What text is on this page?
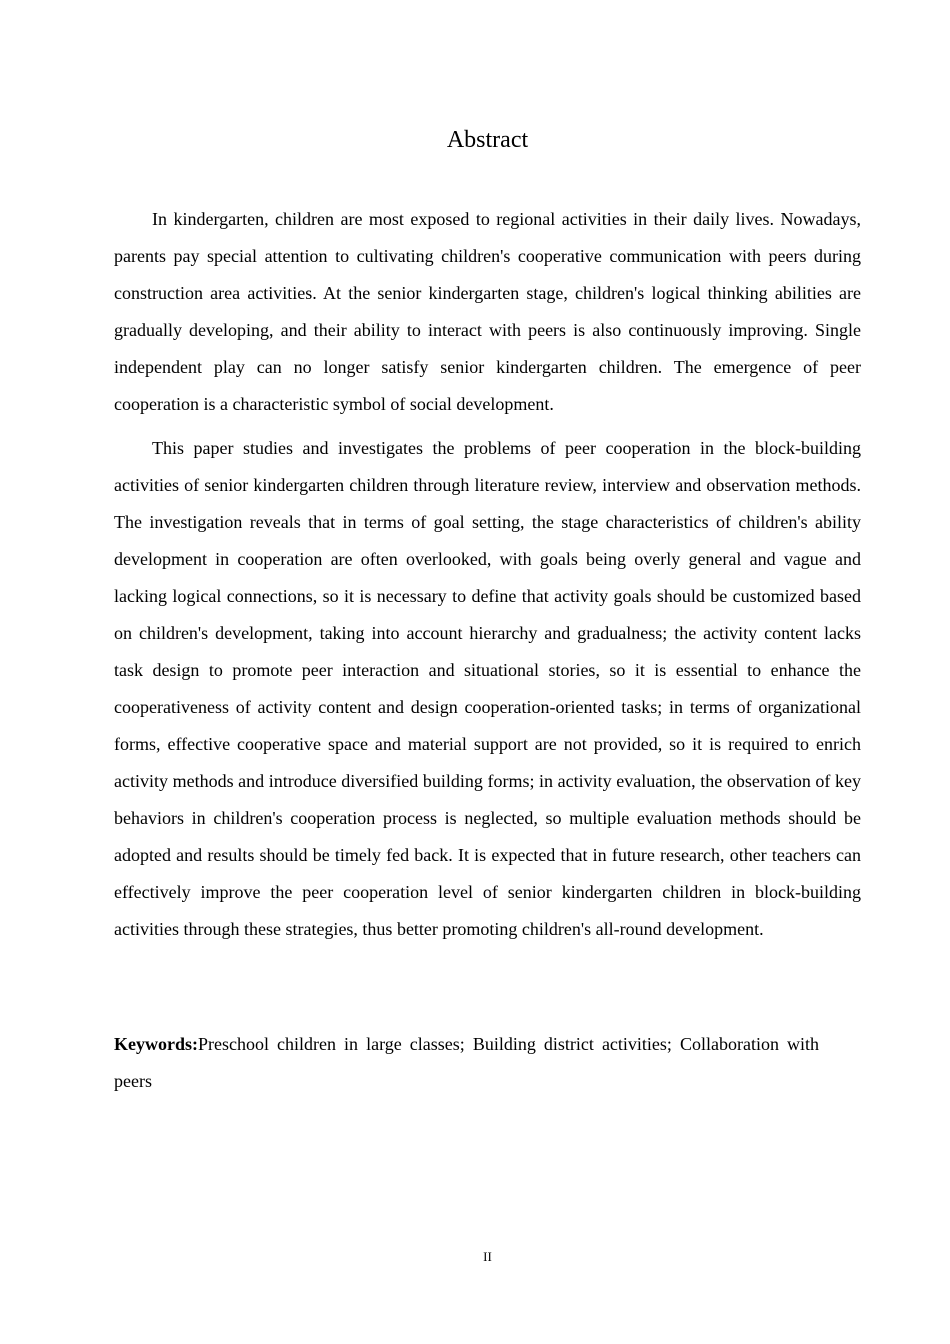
Abstract

In kindergarten, children are most exposed to regional activities in their daily lives. Nowadays, parents pay special attention to cultivating children's cooperative communication with peers during construction area activities. At the senior kindergarten stage, children's logical thinking abilities are gradually developing, and their ability to interact with peers is also continuously improving. Single independent play can no longer satisfy senior kindergarten children. The emergence of peer cooperation is a characteristic symbol of social development.

This paper studies and investigates the problems of peer cooperation in the block-building activities of senior kindergarten children through literature review, interview and observation methods. The investigation reveals that in terms of goal setting, the stage characteristics of children's ability development in cooperation are often overlooked, with goals being overly general and vague and lacking logical connections, so it is necessary to define that activity goals should be customized based on children's development, taking into account hierarchy and gradualness; the activity content lacks task design to promote peer interaction and situational stories, so it is essential to enhance the cooperativeness of activity content and design cooperation-oriented tasks; in terms of organizational forms, effective cooperative space and material support are not provided, so it is required to enrich activity methods and introduce diversified building forms; in activity evaluation, the observation of key behaviors in children's cooperation process is neglected, so multiple evaluation methods should be adopted and results should be timely fed back. It is expected that in future research, other teachers can effectively improve the peer cooperation level of senior kindergarten children in block-building activities through these strategies, thus better promoting children's all-round development.

Keywords:Preschool children in large classes; Building district activities; Collaboration with peers

II
